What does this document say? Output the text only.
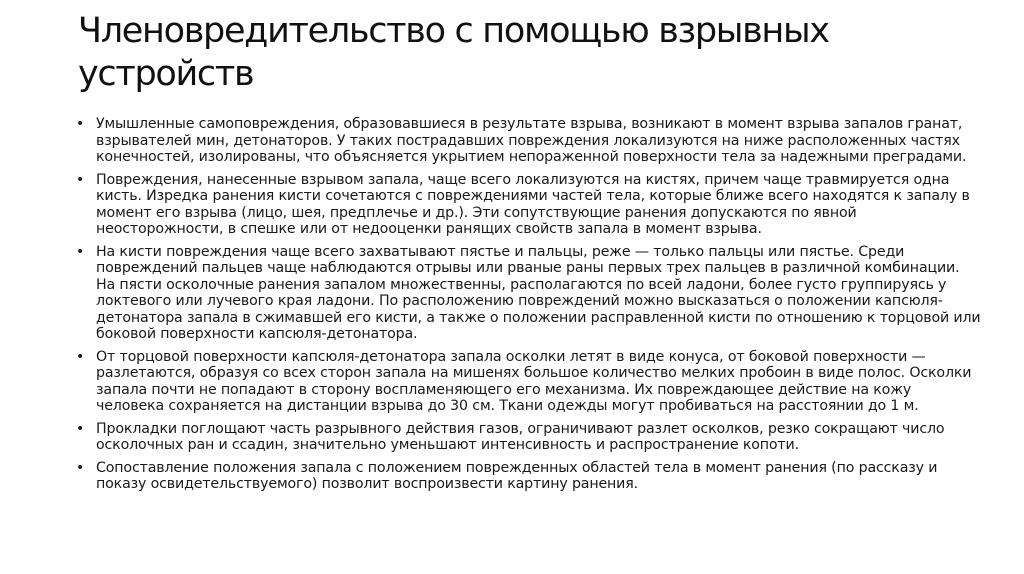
Членовредительство с помощью взрывных устройств
• Умышленные самоповреждения, образовавшиеся в результате взрыва, возникают в момент взрыва запалов гранат, взрывателей мин, детонаторов. У таких пострадавших повреждения локализуются на ниже расположенных частях конечностей, изолированы, что объясняется укрытием непораженной поверхности тела за надежными преградами.
• Повреждения, нанесенные взрывом запала, чаще всего локализуются на кистях, причем чаще травмируется одна кисть. Изредка ранения кисти сочетаются с повреждениями частей тела, которые ближе всего находятся к запалу в момент его взрыва (лицо, шея, предплечье и др.). Эти сопутствующие ранения допускаются по явной неосторожности, в спешке или от недооценки ранящих свойств запала в момент взрыва.
• На кисти повреждения чаще всего захватывают пястье и пальцы, реже — только пальцы или пястье. Среди повреждений пальцев чаще наблюдаются отрывы или рваные раны первых трех пальцев в различной комбинации. На пясти осколочные ранения запалом множественны, располагаются по всей ладони, более густо группируясь у локтевого или лучевого края ладони. По расположению повреждений можно высказаться о положении капсюля-детонатора запала в сжимавшей его кисти, а также о положении расправленной кисти по отношению к торцовой или боковой поверхности капсюля-детонатора.
• От торцовой поверхности капсюля-детонатора запала осколки летят в виде конуса, от боковой поверхности — разлетаются, образуя со всех сторон запала на мишенях большое количество мелких пробоин в виде полос. Осколки запала почти не попадают в сторону воспламеняющего его механизма. Их повреждающее действие на кожу человека сохраняется на дистанции взрыва до 30 см. Ткани одежды могут пробиваться на расстоянии до 1 м.
• Прокладки поглощают часть разрывного действия газов, ограничивают разлет осколков, резко сокращают число осколочных ран и ссадин, значительно уменьшают интенсивность и распространение копоти.
• Сопоставление положения запала с положением поврежденных областей тела в момент ранения (по рассказу и показу освидетельствуемого) позволит воспроизвести картину ранения.
